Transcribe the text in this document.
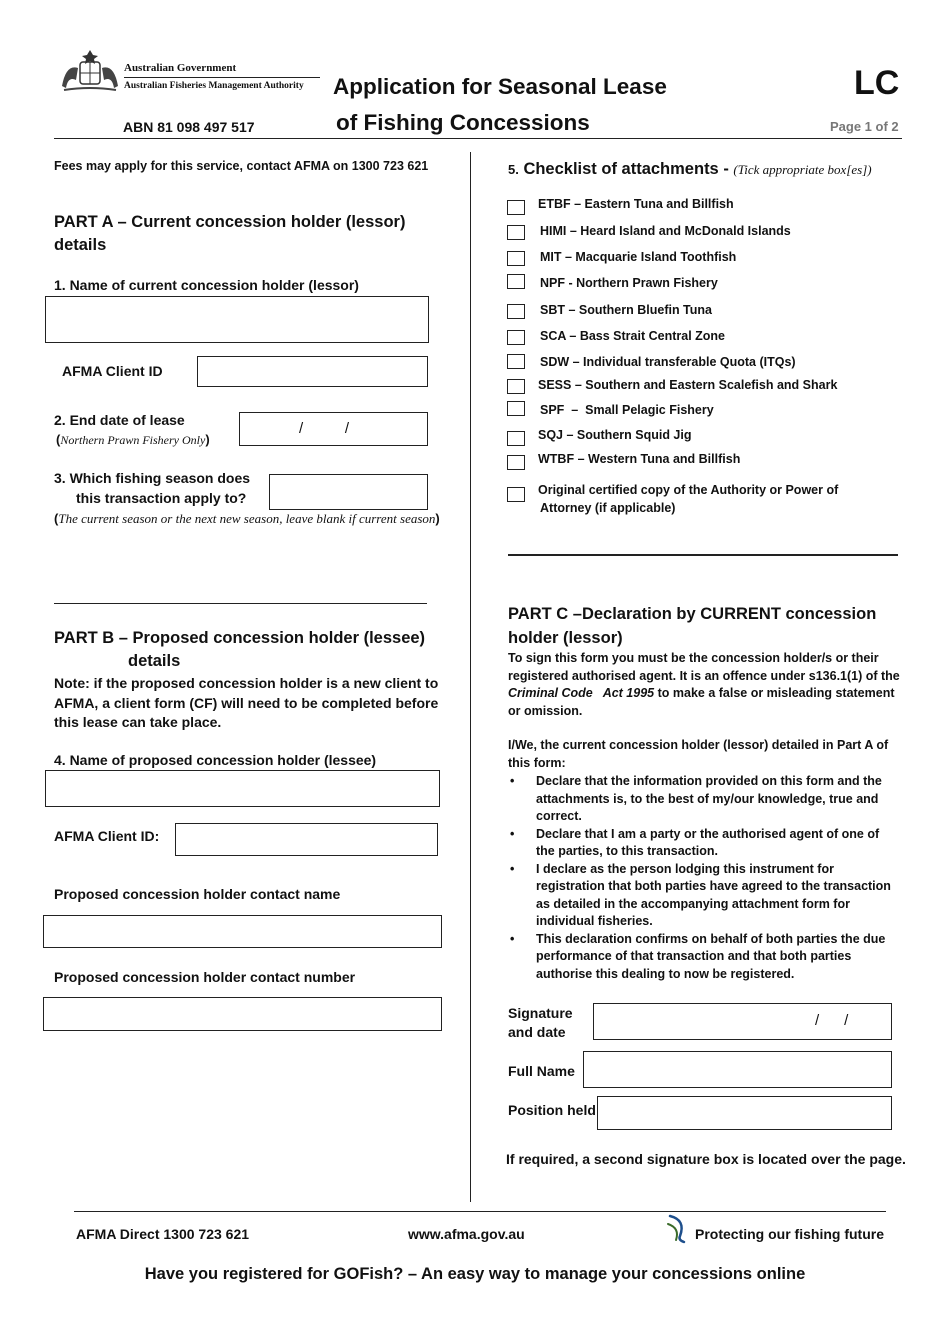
Australian Government
Australian Fisheries Management Authority
ABN 81 098 497 517
Application for Seasonal Lease
of Fishing Concessions
LC
Page 1 of 2
Fees may apply for this service, contact AFMA on 1300 723 621
PART A – Current concession holder (lessor)
details
1. Name of current concession holder (lessor)
AFMA Client ID
2. End date of lease
(Northern Prawn Fishery Only)
/          /
3. Which fishing season does
this transaction apply to?
(The current season or the next new season, leave blank if current season)
PART B – Proposed concession holder (lessee)
details
Note: if the proposed concession holder is a new client to AFMA, a client form (CF) will need to be completed before this lease can take place.
4. Name of proposed concession holder (lessee)
AFMA Client ID:
Proposed concession holder contact name
Proposed concession holder contact number
5. Checklist of attachments - (Tick appropriate box[es])
ETBF – Eastern Tuna and Billfish
HIMI – Heard Island and McDonald Islands
MIT – Macquarie Island Toothfish
NPF - Northern Prawn Fishery
SBT – Southern Bluefin Tuna
SCA – Bass Strait Central Zone
SDW – Individual transferable Quota (ITQs)
SESS – Southern and Eastern Scalefish and Shark
SPF  –  Small Pelagic Fishery
SQJ – Southern Squid Jig
WTBF – Western Tuna and Billfish
Original certified copy of the Authority or Power of
Attorney (if applicable)
PART C –Declaration by CURRENT concession
holder (lessor)
To sign this form you must be the concession holder/s or their registered authorised agent. It is an offence under s136.1(1) of the Criminal Code   Act 1995 to make a false or misleading statement or omission.
I/We, the current concession holder (lessor) detailed in Part A of this form:
• Declare that the information provided on this form and the attachments is, to the best of my/our knowledge, true and correct.
• Declare that I am a party or the authorised agent of one of the parties, to this transaction.
• I declare as the person lodging this instrument for registration that both parties have agreed to the transaction as detailed in the accompanying attachment form for individual fisheries.
• This declaration confirms on behalf of both parties the due performance of that transaction and that both parties authorise this dealing to now be registered.
Signature
and date
/      /
Full Name
Position held
If required, a second signature box is located over the page.
AFMA Direct 1300 723 621	www.afma.gov.au	Protecting our fishing future
Have you registered for GOFish? – An easy way to manage your concessions online
